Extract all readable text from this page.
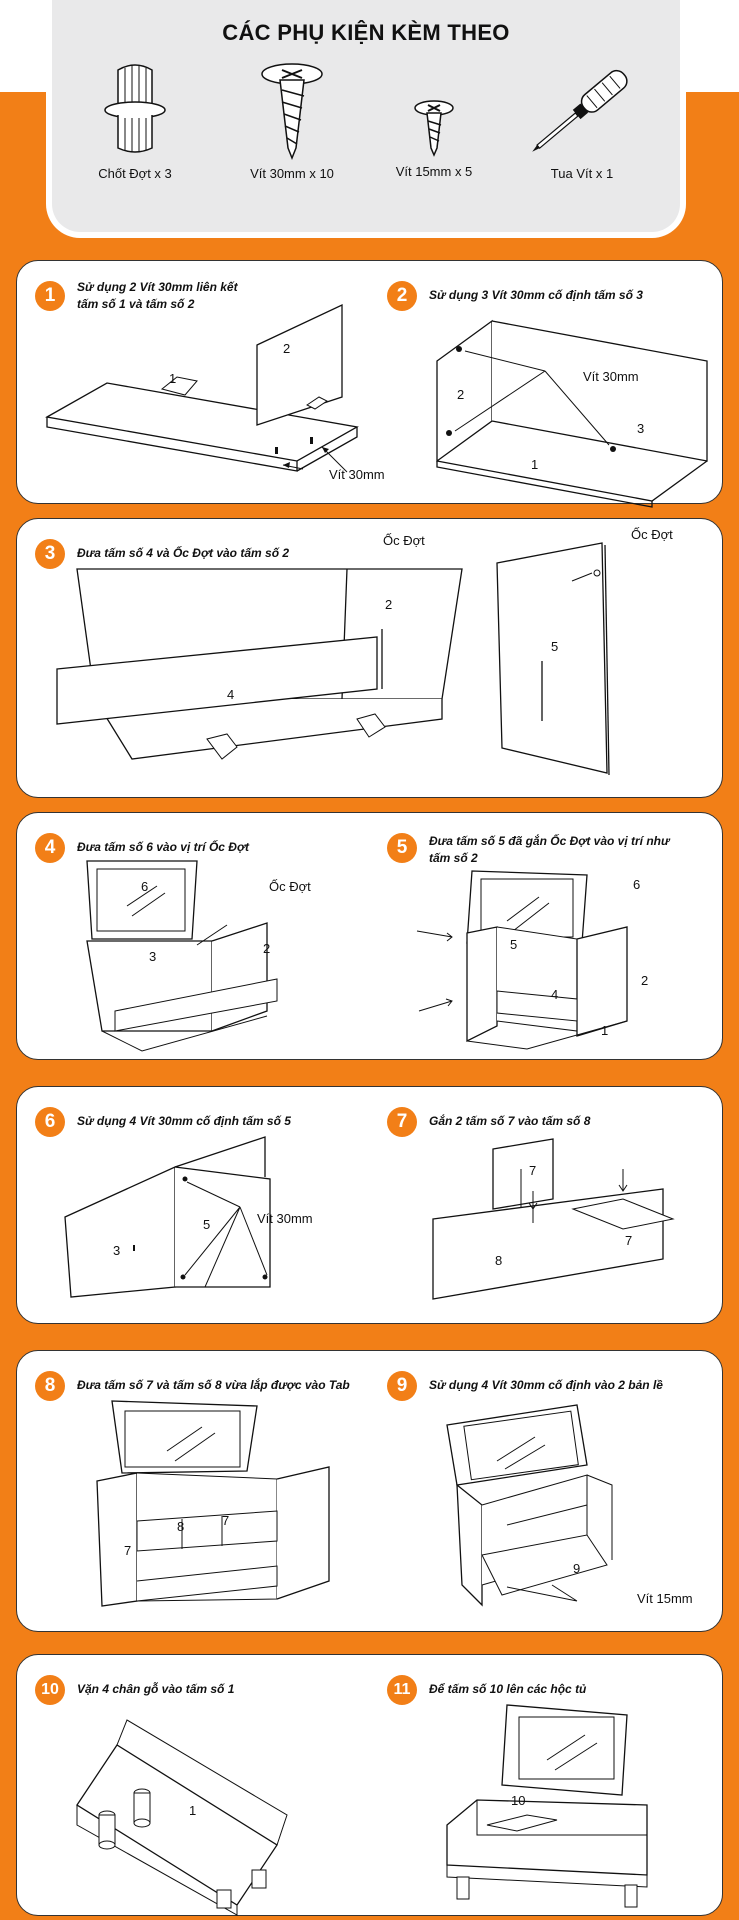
CÁC PHỤ KIỆN KÈM THEO
Chốt Đợt x 3	Vít 30mm x 10	Vít 15mm x 5	Tua Vít x 1
1	Sử dụng 2 Vít 30mm liên kết
tấm số 1 và tấm số 2
1
2
Vít 30mm
2	Sử dụng 3 Vít 30mm cố định tấm số 3
2
3
1
Vít 30mm
3	Đưa tấm số 4 và Ốc Đợt vào tấm số 2
2
4
Ốc Đợt
5
Ốc Đợt
4	Đưa tấm số 6 vào vị trí Ốc Đợt
6
3
2
Ốc Đợt
5	Đưa tấm số 5 đã gắn Ốc Đợt vào vị trí như
tấm số 2
6
5
4
2
1
6	Sử dụng 4 Vít 30mm cố định tấm số 5
3
5	Vít 30mm
7	Gắn 2 tấm số 7 vào tấm số 8
7
8
7
8	Đưa tấm số 7 và tấm số 8 vừa lắp được vào Tab
7
8	7
9	Sử dụng 4 Vít 30mm cố định vào 2 bản lề
9
Vít 15mm
10	Vặn 4 chân gỗ vào tấm số 1
1
11	Để tấm số 10 lên các hộc tủ
10
